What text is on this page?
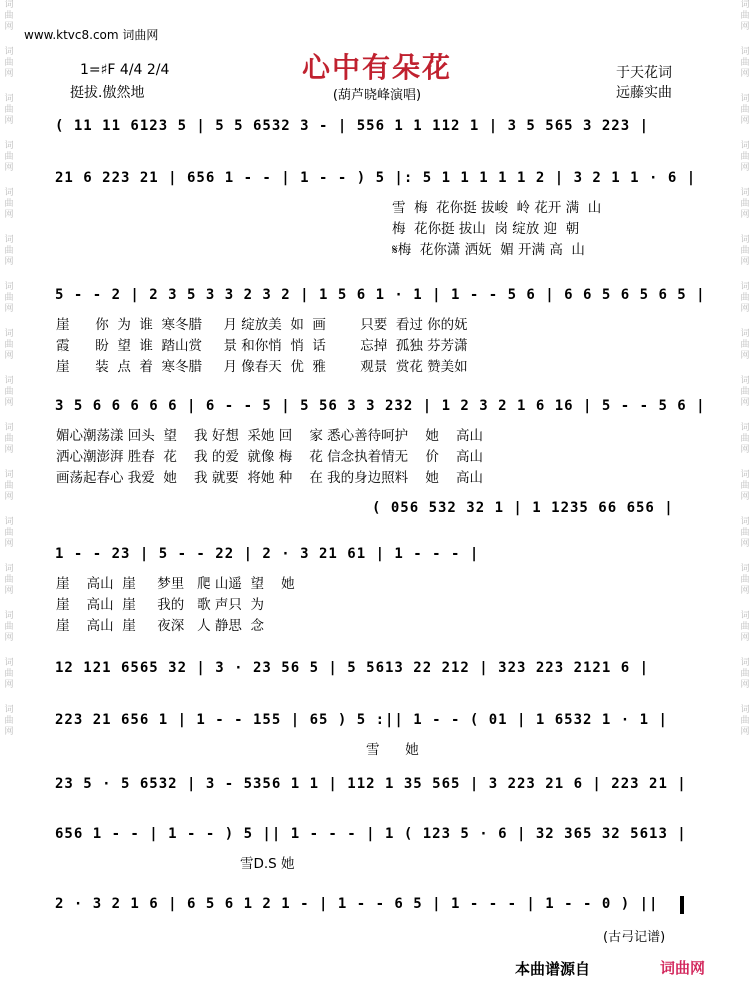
词
曲
网
词
曲
网
词
曲
网
词
曲
网
词
曲
网
词
曲
网
词
曲
网
词
曲
网
词
曲
网
词
曲
网
词
曲
网
词
曲
网
词
曲
网
词
曲
网
词
曲
网
词
曲
网
词
曲
网
词
曲
网
词
曲
网
词
曲
网
词
曲
网
词
曲
网
词
曲
网
词
曲
网
词
曲
网
词
曲
网
词
曲
网
词
曲
网
词
曲
网
词
曲
网
词
曲
网
词
曲
网
www.ktvc8.com 词曲网
心中有朵花
1=♯F 4/4 2/4
挺拔.傲然地	(葫芦晓峰演唱)
于天花词
远藤实曲
( 11 11 6123 5 | 5 5 6532 3 - | 556 1 1 112 1 | 3 5 565 3 223 |
21 6 223 21 | 656 1 - - | 1 - - ) 5 |: 5 1 1 1 1 1 2 | 3 2 1 1 · 6 |
雪  梅  花你挺 拔峻  岭 花开 满  山
梅  花你挺 拔山  岗 绽放 迎  朝
𝄋梅  花你潇 洒妩  媚 开满 高  山
5 - - 2 | 2 3 5 3 3 2 3 2 | 1 5 6 1 · 1 | 1 - - 5 6 | 6 6 5 6 5 6 5 |
崖      你  为  谁  寒冬腊     月 绽放美  如  画        只要  看过 你的妩
霞      盼  望  谁  踏山赏     景 和你悄  悄  话        忘掉  孤独 芬芳潇
崖      装  点  着  寒冬腊     月 像春天  优  雅        观景  赏花 赞美如
3 5 6 6 6 6 6 | 6 - - 5 | 5 56 3 3 232 | 1 2 3 2 1 6 16 | 5 - - 5 6 |
媚心潮荡漾 回头  望    我 好想  采她 回    家 悉心善待呵护    她    高山
洒心潮澎湃 胜春  花    我 的爱  就像 梅    花 信念执着情无    价    高山
画荡起春心 我爱  她    我 就要  将她 种    在 我的身边照料    她    高山
( 056 532 32 1 | 1 1235 66 656 |
1 - - 23 | 5 - - 22 | 2 · 3 21 61 | 1 - - - |
崖    高山  崖     梦里   爬 山遥  望    她
崖    高山  崖     我的   歌 声只  为
崖    高山  崖     夜深   人 静思  念
12 121 6565 32 | 3 · 23 56 5 | 5 5613 22 212 | 323 223 2121 6 |
223 21 656 1 | 1 - - 155 | 65 ) 5 :|| 1 - - ( 01 | 1 6532 1 · 1 |
雪      她
23 5 · 5 6532 | 3 - 5356 1 1 | 112 1 35 565 | 3 223 21 6 | 223 21 |
656 1 - - | 1 - - ) 5 || 1 - - - | 1 ( 123 5 · 6 | 32 365 32 5613 |
雪D.S 她
2 · 3 2 1 6 | 6 5 6 1 2 1 - | 1 - - 6 5 | 1 - - - | 1 - - 0 ) ||
(古弓记谱)
本曲谱源自	词曲网
